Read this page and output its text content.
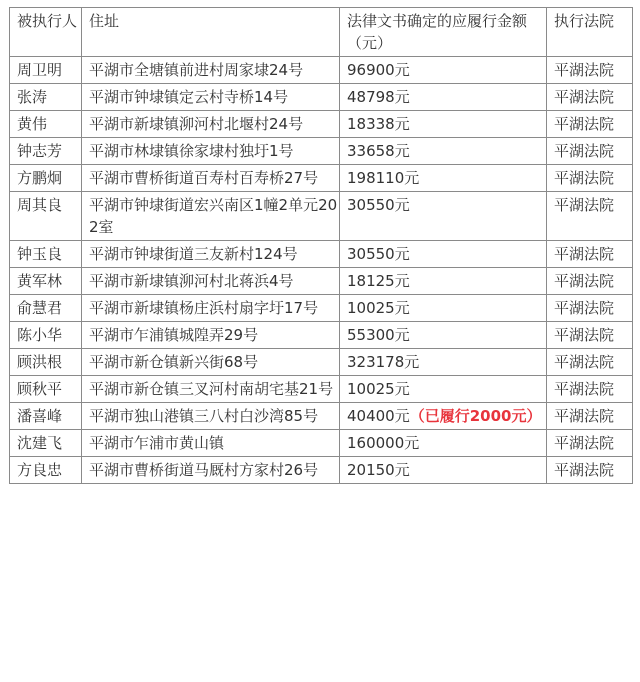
被执行人	住址	法律文书确定的应履行金额（元）	执行法院
周卫明	平湖市全塘镇前进村周家埭24号	96900元	平湖法院
张涛	平湖市钟埭镇定云村寺桥14号	48798元	平湖法院
黄伟	平湖市新埭镇泖河村北堰村24号	18338元	平湖法院
钟志芳	平湖市林埭镇徐家埭村独圩1号	33658元	平湖法院
方鹏炯	平湖市曹桥街道百寿村百寿桥27号	198110元	平湖法院
周其良	平湖市钟埭街道宏兴南区1幢2单元202室	30550元	平湖法院
钟玉良	平湖市钟埭街道三友新村124号	30550元	平湖法院
黄军林	平湖市新埭镇泖河村北蒋浜4号	18125元	平湖法院
俞慧君	平湖市新埭镇杨庄浜村扇字圩17号	10025元	平湖法院
陈小华	平湖市乍浦镇城隍弄29号	55300元	平湖法院
顾洪根	平湖市新仓镇新兴街68号	323178元	平湖法院
顾秋平	平湖市新仓镇三叉河村南胡宅基21号	10025元	平湖法院
潘喜峰	平湖市独山港镇三八村白沙湾85号	40400元（已履行2000元）	平湖法院
沈建飞	平湖市乍浦市黄山镇	160000元	平湖法院
方良忠	平湖市曹桥街道马厩村方家村26号	20150元	平湖法院
